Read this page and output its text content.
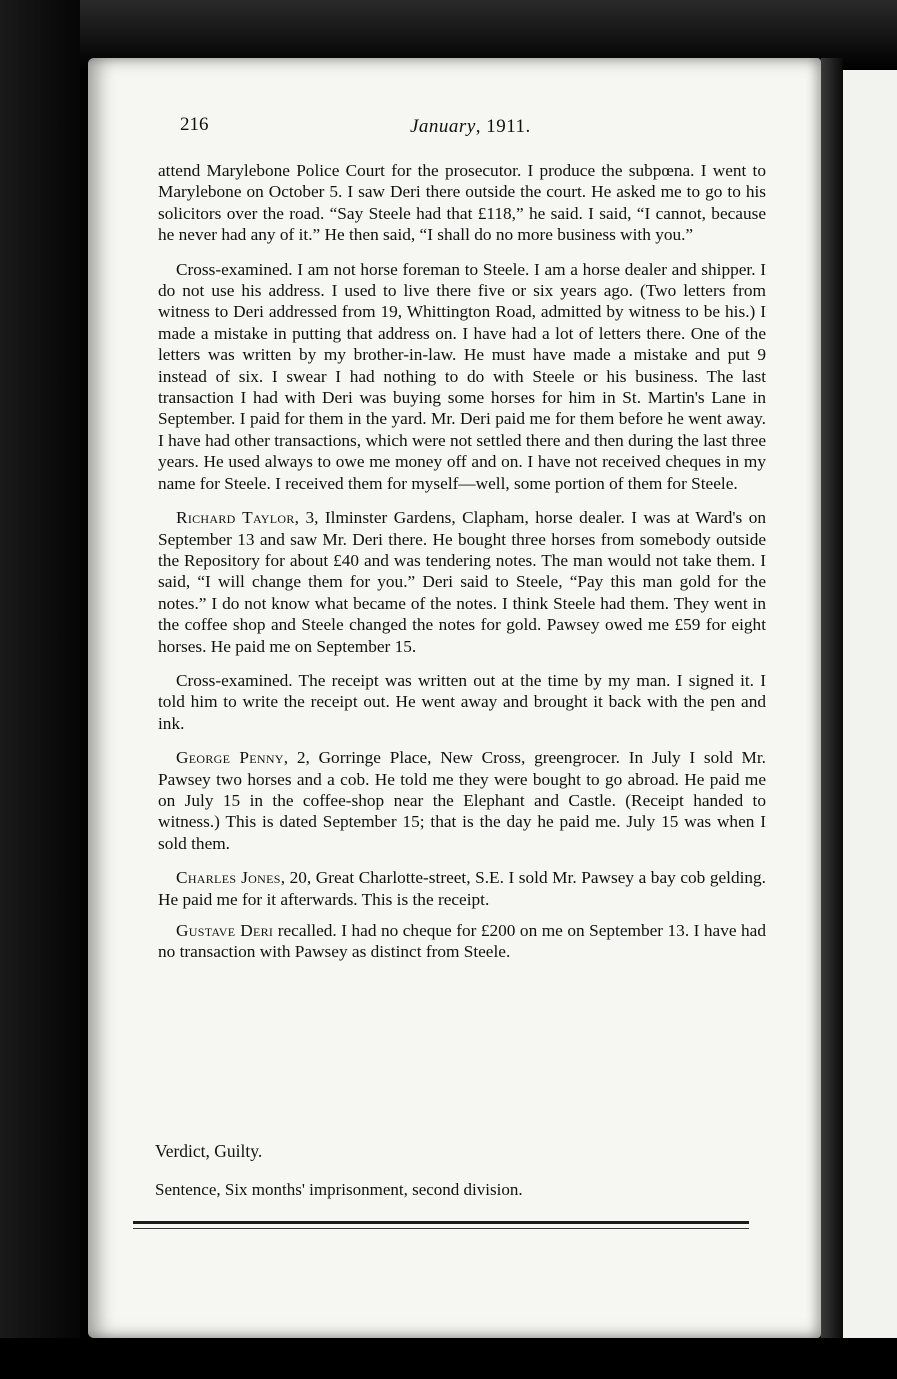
216	January, 1911.

attend Marylebone Police Court for the prosecutor. I produce the subpœna. I went to Marylebone on October 5. I saw Deri there outside the court. He asked me to go to his solicitors over the road. “Say Steele had that £118,” he said. I said, “I cannot, because he never had any of it.” He then said, “I shall do no more business with you.”

Cross-examined. I am not horse foreman to Steele. I am a horse dealer and shipper. I do not use his address. I used to live there five or six years ago. (Two letters from witness to Deri addressed from 19, Whittington Road, admitted by witness to be his.) I made a mistake in putting that address on. I have had a lot of letters there. One of the letters was written by my brother-in-law. He must have made a mistake and put 9 instead of six. I swear I had nothing to do with Steele or his business. The last transaction I had with Deri was buying some horses for him in St. Martin's Lane in September. I paid for them in the yard. Mr. Deri paid me for them before he went away. I have had other transactions, which were not settled there and then during the last three years. He used always to owe me money off and on. I have not received cheques in my name for Steele. I received them for myself—well, some portion of them for Steele.

Richard Taylor, 3, Ilminster Gardens, Clapham, horse dealer. I was at Ward's on September 13 and saw Mr. Deri there. He bought three horses from somebody outside the Repository for about £40 and was tendering notes. The man would not take them. I said, “I will change them for you.” Deri said to Steele, “Pay this man gold for the notes.” I do not know what became of the notes. I think Steele had them. They went in the coffee shop and Steele changed the notes for gold. Pawsey owed me £59 for eight horses. He paid me on September 15.

Cross-examined. The receipt was written out at the time by my man. I signed it. I told him to write the receipt out. He went away and brought it back with the pen and ink.

George Penny, 2, Gorringe Place, New Cross, greengrocer. In July I sold Mr. Pawsey two horses and a cob. He told me they were bought to go abroad. He paid me on July 15 in the coffee-shop near the Elephant and Castle. (Receipt handed to witness.) This is dated September 15; that is the day he paid me. July 15 was when I sold them.

Charles Jones, 20, Great Charlotte-street, S.E. I sold Mr. Pawsey a bay cob gelding. He paid me for it afterwards. This is the receipt.

Gustave Deri recalled. I had no cheque for £200 on me on September 13. I have had no transaction with Pawsey as distinct from Steele.

Verdict, Guilty.
Sentence, Six months' imprisonment, second division.
